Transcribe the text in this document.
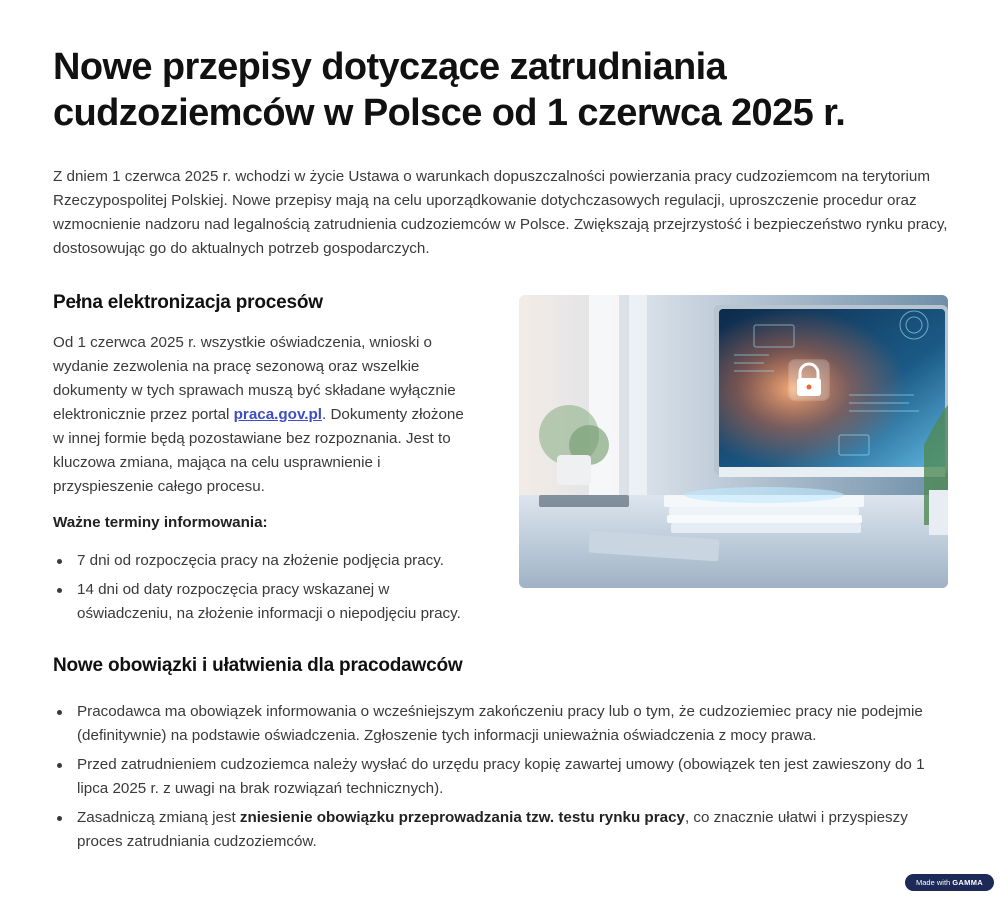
Nowe przepisy dotyczące zatrudniania cudzoziemców w Polsce od 1 czerwca 2025 r.

Z dniem 1 czerwca 2025 r. wchodzi w życie Ustawa o warunkach dopuszczalności powierzania pracy cudzoziemcom na terytorium Rzeczypospolitej Polskiej. Nowe przepisy mają na celu uporządkowanie dotychczasowych regulacji, uproszczenie procedur oraz wzmocnienie nadzoru nad legalnością zatrudnienia cudzoziemców w Polsce. Zwiększają przejrzystość i bezpieczeństwo rynku pracy, dostosowując go do aktualnych potrzeb gospodarczych.

Pełna elektronizacja procesów

Od 1 czerwca 2025 r. wszystkie oświadczenia, wnioski o wydanie zezwolenia na pracę sezonową oraz wszelkie dokumenty w tych sprawach muszą być składane wyłącznie elektronicznie przez portal praca.gov.pl. Dokumenty złożone w innej formie będą pozostawiane bez rozpoznania. Jest to kluczowa zmiana, mająca na celu usprawnienie i przyspieszenie całego procesu.

Ważne terminy informowania:
7 dni od rozpoczęcia pracy na złożenie podjęcia pracy.
14 dni od daty rozpoczęcia pracy wskazanej w oświadczeniu, na złożenie informacji o niepodjęciu pracy.
Nowe obowiązki i ułatwienia dla pracodawców
Pracodawca ma obowiązek informowania o wcześniejszym zakończeniu pracy lub o tym, że cudzoziemiec pracy nie podejmie (definitywnie) na podstawie oświadczenia. Zgłoszenie tych informacji unieważnia oświadczenia z mocy prawa.
Przed zatrudnieniem cudzoziemca należy wysłać do urzędu pracy kopię zawartej umowy (obowiązek ten jest zawieszony do 1 lipca 2025 r. z uwagi na brak rozwiązań technicznych).
Zasadniczą zmianą jest zniesienie obowiązku przeprowadzania tzw. testu rynku pracy, co znacznie ułatwi i przyspieszy proces zatrudniania cudzoziemców.
Made with GAMMA
